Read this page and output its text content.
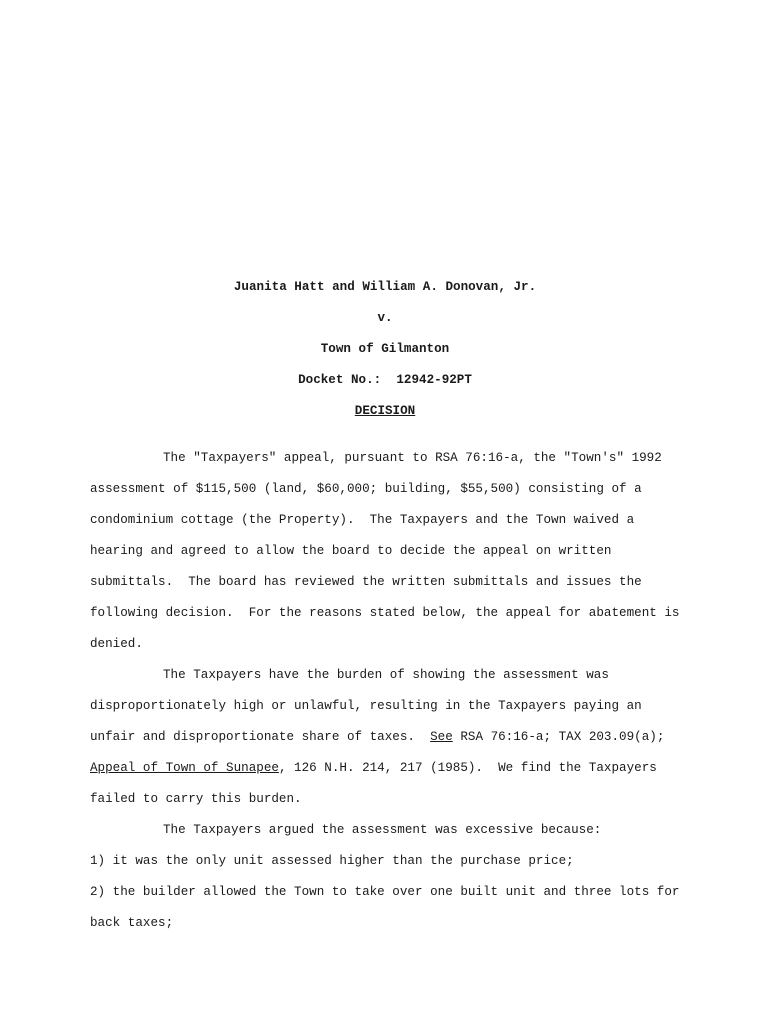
Juanita Hatt and William A. Donovan, Jr.
v.
Town of Gilmanton
Docket No.: 12942-92PT
DECISION
The "Taxpayers" appeal, pursuant to RSA 76:16-a, the "Town's" 1992
assessment of $115,500 (land, $60,000; building, $55,500) consisting of a
condominium cottage (the Property).  The Taxpayers and the Town waived a
hearing and agreed to allow the board to decide the appeal on written
submittals.  The board has reviewed the written submittals and issues the
following decision.  For the reasons stated below, the appeal for abatement is
denied.
The Taxpayers have the burden of showing the assessment was
disproportionately high or unlawful, resulting in the Taxpayers paying an
unfair and disproportionate share of taxes.  See RSA 76:16-a; TAX 203.09(a);
Appeal of Town of Sunapee, 126 N.H. 214, 217 (1985).  We find the Taxpayers
failed to carry this burden.
The Taxpayers argued the assessment was excessive because:
1) it was the only unit assessed higher than the purchase price;
2) the builder allowed the Town to take over one built unit and three lots for
back taxes;
